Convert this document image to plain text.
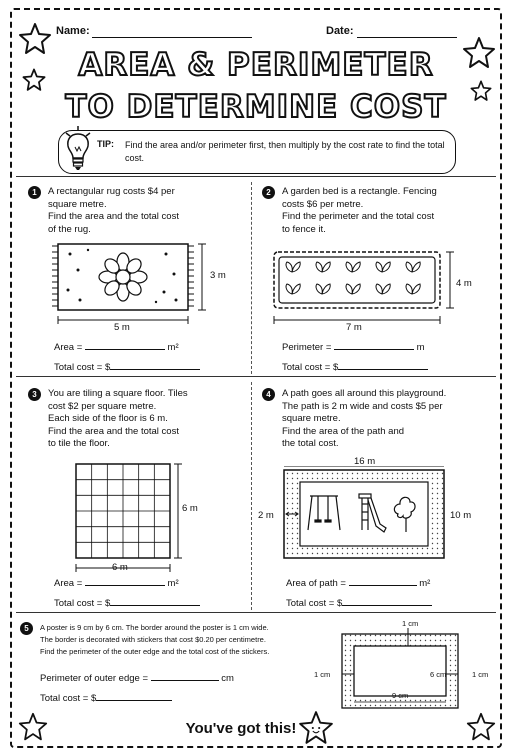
Name:	Date:
AREA & PERIMETER
TO DETERMINE COST
TIP: Find the area and/or perimeter first, then multiply by the cost rate to find the total cost.
1	A rectangular rug costs $4 per
square metre.
Find the area and the total cost
of the rug.
3 m
5 m
Area =	m²
Total cost = $
2	A garden bed is a rectangle. Fencing
costs $6 per metre.
Find the perimeter and the total cost
to fence it.
4 m
7 m
Perimeter =	m
Total cost = $
3	You are tiling a square floor. Tiles
cost $2 per square metre.
Each side of the floor is 6 m.
Find the area and the total cost
to tile the floor.
6 m
6 m
Area =	m²
Total cost = $
4	A path goes all around this playground.
The path is 2 m wide and costs $5 per
square metre.
Find the area of the path and
the total cost.
16 m
2 m	10 m
Area of path =	m²
Total cost = $
5	A poster is 9 cm by 6 cm. The border around the poster is 1 cm wide.
The border is decorated with stickers that cost $0.20 per centimetre.
Find the perimeter of the outer edge and the total cost of the stickers.
Perimeter of outer edge =	cm
Total cost = $
1 cm
1 cm	6 cm	1 cm
9 cm
You've got this!
